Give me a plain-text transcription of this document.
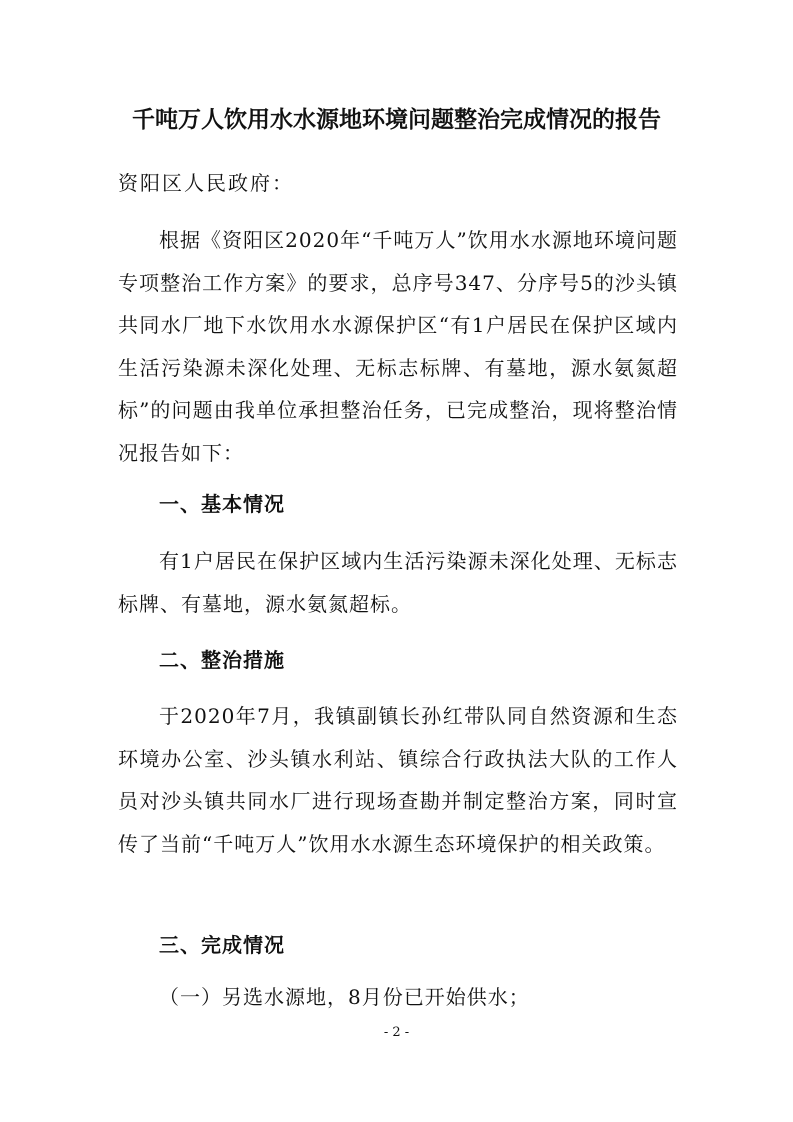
千吨万人饮用水水源地环境问题整治完成情况的报告
资阳区人民政府：

根据《资阳区2020年“千吨万人”饮用水水源地环境问题专项整治工作方案》的要求，总序号347、分序号5的沙头镇共同水厂地下水饮用水水源保护区“有1户居民在保护区域内生活污染源未深化处理、无标志标牌、有墓地，源水氨氮超标”的问题由我单位承担整治任务，已完成整治，现将整治情况报告如下：

一、基本情况

有1户居民在保护区域内生活污染源未深化处理、无标志标牌、有墓地，源水氨氮超标。

二、整治措施

于2020年7月，我镇副镇长孙红带队同自然资源和生态环境办公室、沙头镇水利站、镇综合行政执法大队的工作人员对沙头镇共同水厂进行现场查勘并制定整治方案，同时宣传了当前“千吨万人”饮用水水源生态环境保护的相关政策。

三、完成情况
（一）另选水源地，8月份已开始供水；
- 2 -
